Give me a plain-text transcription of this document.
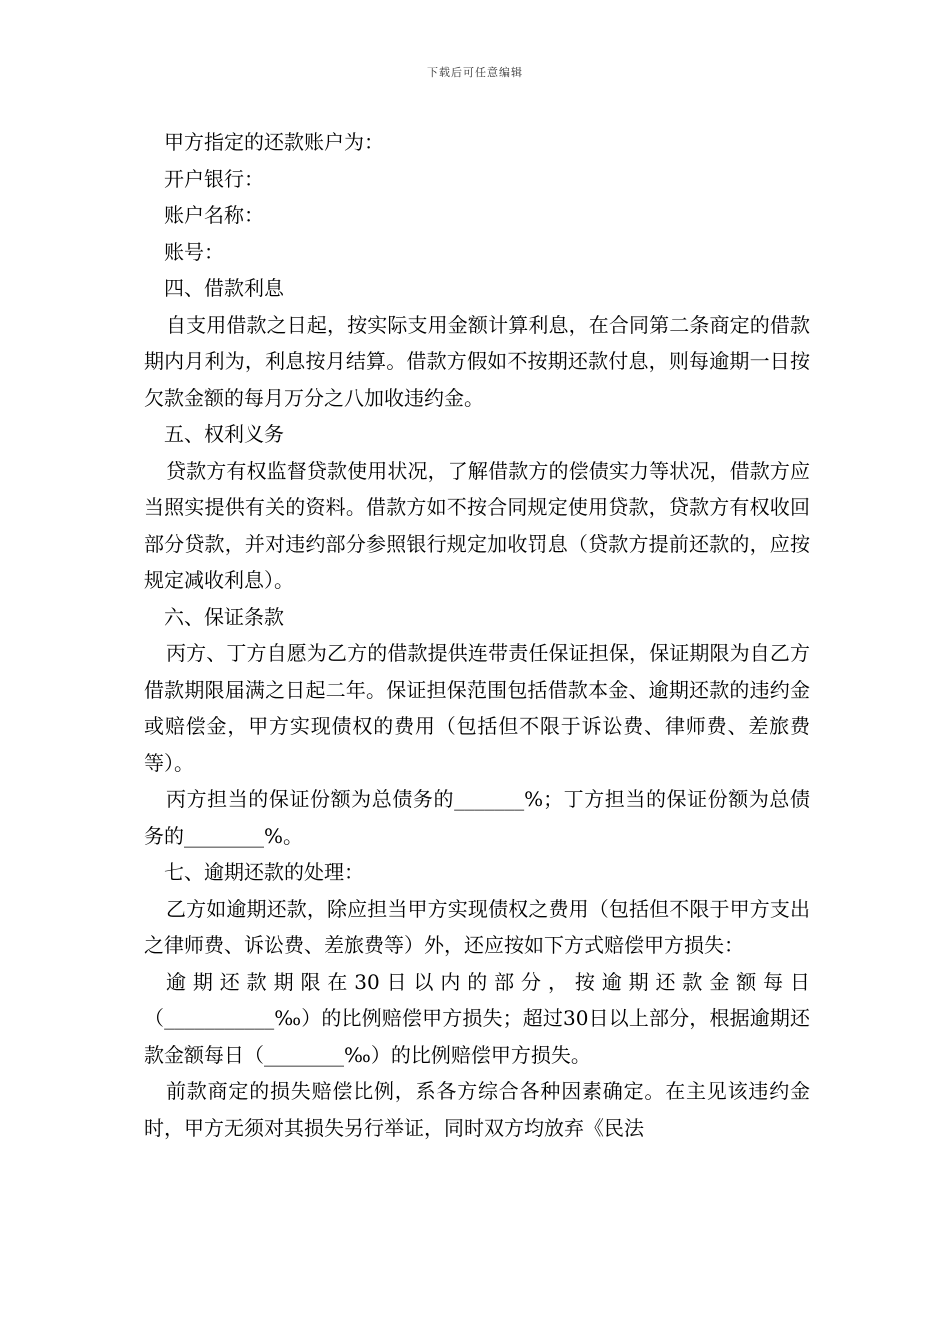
下载后可任意编辑

甲方指定的还款账户为：

开户银行：

账户名称：

账号：

四、借款利息

自支用借款之日起，按实际支用金额计算利息，在合同第二条商定的借款期内月利为，利息按月结算。借款方假如不按期还款付息，则每逾期一日按欠款金额的每月万分之八加收违约金。

五、权利义务

贷款方有权监督贷款使用状况，了解借款方的偿债实力等状况，借款方应当照实提供有关的资料。借款方如不按合同规定使用贷款，贷款方有权收回部分贷款，并对违约部分参照银行规定加收罚息（贷款方提前还款的，应按规定减收利息）。

六、保证条款

丙方、丁方自愿为乙方的借款提供连带责任保证担保，保证期限为自乙方借款期限届满之日起二年。保证担保范围包括借款本金、逾期还款的违约金或赔偿金，甲方实现债权的费用（包括但不限于诉讼费、律师费、差旅费等）。

丙方担当的保证份额为总债务的_______%；丁方担当的保证份额为总债务的________%。

七、逾期还款的处理：

乙方如逾期还款，除应担当甲方实现债权之费用（包括但不限于甲方支出之律师费、诉讼费、差旅费等）外，还应按如下方式赔偿甲方损失：

逾期还款期限在30日以内的部分，按逾期还款金额每日（___________‰）的比例赔偿甲方损失；超过30日以上部分，根据逾期还款金额每日（________‰）的比例赔偿甲方损失。

前款商定的损失赔偿比例，系各方综合各种因素确定。在主见该违约金时，甲方无须对其损失另行举证，同时双方均放弃《民法
